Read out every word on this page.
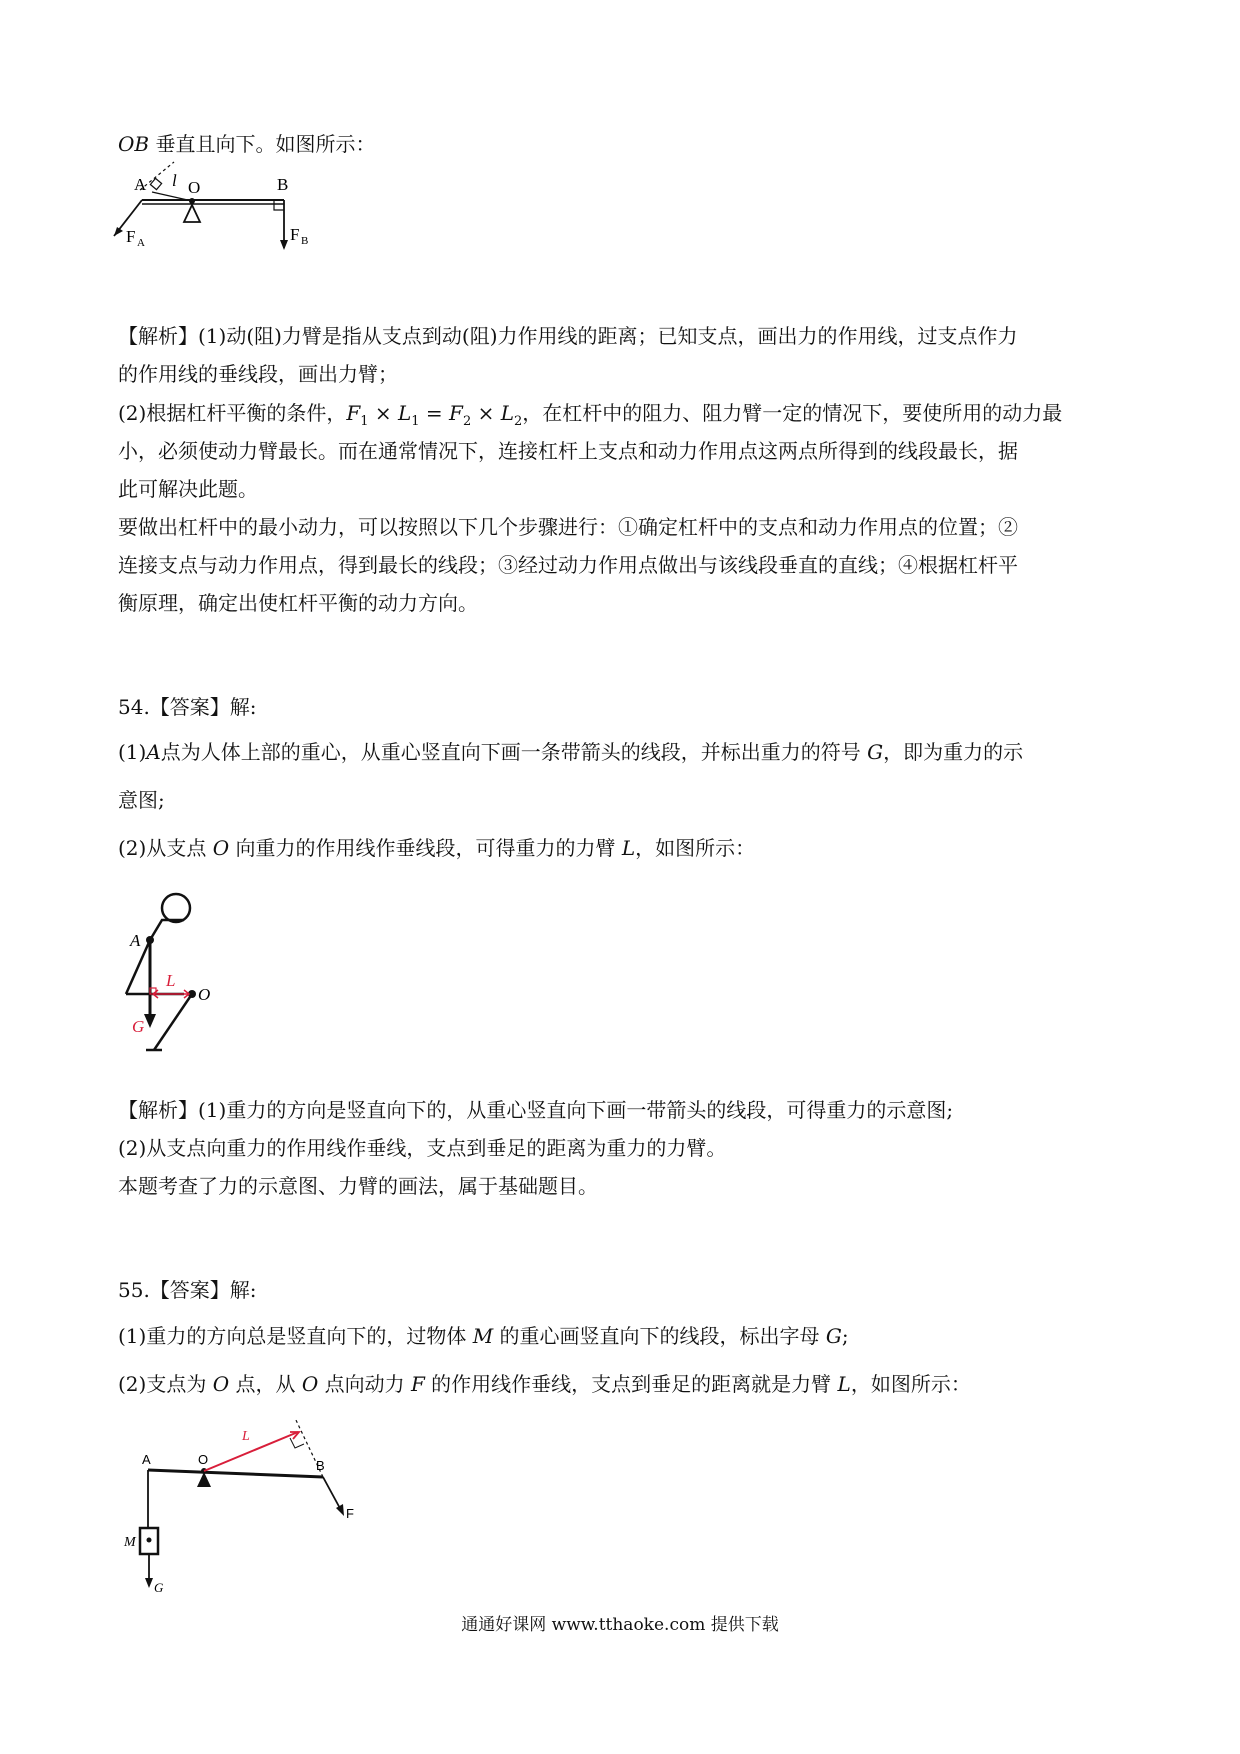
OB 垂直且向下。如图所示：
A l O	B
F A	F B
【解析】(1)动(阻)力臂是指从支点到动(阻)力作用线的距离；已知支点，画出力的作用线，过支点作力
的作用线的垂线段，画出力臂；
(2)根据杠杆平衡的条件，$F_1 \times L_1 = F_2 \times L_2$，在杠杆中的阻力、阻力臂一定的情况下，要使所用的动力最
小，必须使动力臂最长。而在通常情况下，连接杠杆上支点和动力作用点这两点所得到的线段最长，据
此可解决此题。
要做出杠杆中的最小动力，可以按照以下几个步骤进行：①确定杠杆中的支点和动力作用点的位置；②
连接支点与动力作用点，得到最长的线段；③经过动力作用点做出与该线段垂直的直线；④根据杠杆平
衡原理，确定出使杠杆平衡的动力方向。
54.【答案】解:
(1)A点为人体上部的重心，从重心竖直向下画一条带箭头的线段，并标出重力的符号 G，即为重力的示
意图;
(2)从支点 O 向重力的作用线作垂线段，可得重力的力臂 L，如图所示：
A
L
O
G
【解析】(1)重力的方向是竖直向下的，从重心竖直向下画一带箭头的线段，可得重力的示意图;
(2)从支点向重力的作用线作垂线，支点到垂足的距离为重力的力臂。
本题考查了力的示意图、力臂的画法，属于基础题目。
55.【答案】解:
(1)重力的方向总是竖直向下的，过物体 M 的重心画竖直向下的线段，标出字母 G;
(2)支点为 O 点，从 O 点向动力 F 的作用线作垂线，支点到垂足的距离就是力臂 L，如图所示：
A	O
L
B
F
M
G
通通好课网 www.tthaoke.com 提供下载
